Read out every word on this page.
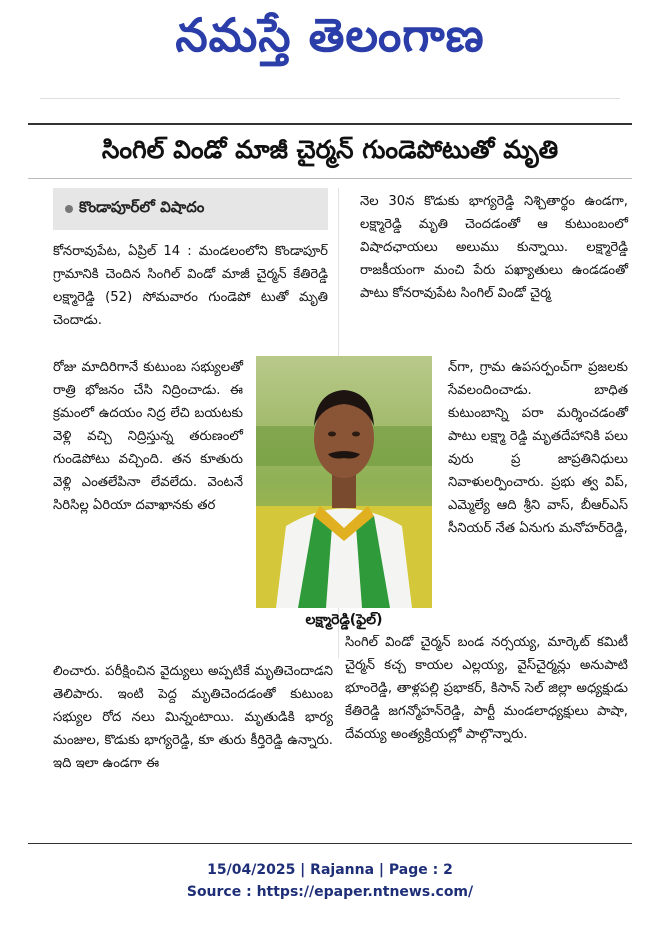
నమస్తే తెలంగాణ
సింగిల్ విండో మాజీ చైర్మన్ గుండెపోటుతో మృతి
కొండాపూర్‌లో విషాదం

కోనరావుపేట, ఏప్రిల్ 14 : మండలంలోని కొండాపూర్ గ్రామానికి చెందిన సింగిల్ విండో మాజీ చైర్మన్ కేతిరెడ్డి లక్ష్మారెడ్డి (52) సోమవారం గుండెపో టుతో మృతి చెందాడు.

రోజు మాదిరిగానే కుటుంబ సభ్యులతో రాత్రి భోజనం చేసి నిద్రించాడు. ఈ క్రమంలో ఉదయం నిద్ర లేచి బయటకు వెళ్లి వచ్చి నిద్రిస్తున్న తరుణంలో గుండెపోటు వచ్చింది. తన కూతురు వెళ్లి ఎంతలేపినా లేవలేదు. వెంటనే సిరిసిల్ల ఏరియా దవాఖానకు తర

లించారు. పరీక్షించిన వైద్యులు అప్పటికే మృతిచెందాడని తెలిపారు. ఇంటి పెద్ద మృతిచెందడంతో కుటుంబ సభ్యుల రోద నలు మిన్నంటాయి. మృతుడికి భార్య మంజుల, కొడుకు భాగ్యరెడ్డి, కూ తురు కీర్తిరెడ్డి ఉన్నారు. ఇది ఇలా ఉండగా ఈ

నెల 30న కొడుకు భాగ్యరెడ్డి నిశ్చితార్థం ఉండగా, లక్ష్మారెడ్డి మృతి చెందడంతో ఆ కుటుంబంలో విషాదఛాయలు అలుము కున్నాయి. లక్ష్మారెడ్డి రాజకీయంగా మంచి పేరు పఖ్యాతులు ఉండడంతో పాటు కోనరావుపేట సింగిల్ విండో చైర్మ

న్‌గా, గ్రామ ఉపసర్పంచ్‌గా ప్రజలకు సేవలందించాడు. బాధిత కుటుంబాన్ని పరా మర్శించడంతో పాటు లక్ష్మా రెడ్డి మృతదేహానికి పలు వురు ప్ర జాప్రతినిధులు నివాళులర్పించారు. ప్రభు త్వ విప్, ఎమ్మెల్యే ఆది శ్రీని వాస్, బీఆర్ఎస్ సీనియర్ నేత ఏనుగు మనోహర్‌రెడ్డి,

సింగిల్ విండో చైర్మన్ బండ నర్సయ్య, మార్కెట్ కమిటీ చైర్మన్ కచ్చ కాయల ఎల్లయ్య, వైస్‌చైర్మన్లు అనుపాటి భూంరెడ్డి, తాళ్లపల్లి ప్రభాకర్, కిసాన్ సెల్ జిల్లా అధ్యక్షుడు కేతిరెడ్డి జగన్మోహన్‌రెడ్డి, పార్టీ మండలాధ్యక్షులు పాషా, దేవయ్య అంత్యక్రియల్లో పాల్గొన్నారు.

లక్ష్మారెడ్డి(ఫైల్)
15/04/2025 | Rajanna | Page : 2
Source : https://epaper.ntnews.com/
